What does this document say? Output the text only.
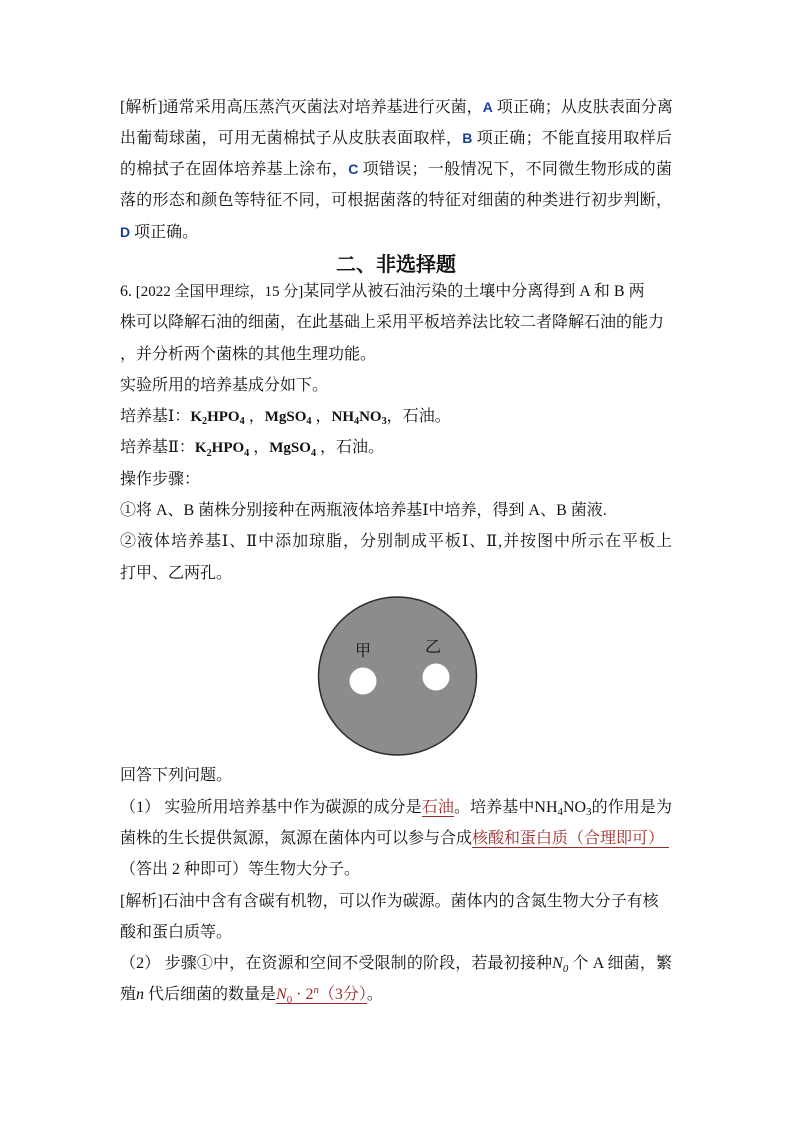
[解析]通常采用高压蒸汽灭菌法对培养基进行灭菌，A 项正确；从皮肤表面分离
出葡萄球菌，可用无菌棉拭子从皮肤表面取样，B 项正确；不能直接用取样后
的棉拭子在固体培养基上涂布，C 项错误；一般情况下，不同微生物形成的菌
落的形态和颜色等特征不同，可根据菌落的特征对细菌的种类进行初步判断，
D 项正确。
二、非选择题
6. [2022 全国甲理综，15 分]某同学从被石油污染的土壤中分离得到 A 和 B 两
株可以降解石油的细菌，在此基础上采用平板培养法比较二者降解石油的能力
，并分析两个菌株的其他生理功能。
实验所用的培养基成分如下。
培养基Ⅰ：$K_2HPO_4$ ，MgSO$_4$ ，$NH_4NO_3$，石油。
培养基Ⅱ：$K_2HPO_4$ ，MgSO$_4$ ，石油。
操作步骤：
①将 A、B 菌株分别接种在两瓶液体培养基Ⅰ中培养，得到 A、B 菌液.
②液体培养基Ⅰ、Ⅱ中添加琼脂，分别制成平板Ⅰ、Ⅱ,并按图中所示在平板上
打甲、乙两孔。
甲	乙
回答下列问题。
（1） 实验所用培养基中作为碳源的成分是石油。培养基中$NH_4NO_3$的作用是为
菌株的生长提供氮源，氮源在菌体内可以参与合成核酸和蛋白质（合理即可）
（答出 2 种即可）等生物大分子。
[解析]石油中含有含碳有机物，可以作为碳源。菌体内的含氮生物大分子有核
酸和蛋白质等。
（2） 步骤①中，在资源和空间不受限制的阶段，若最初接种$N_0$ 个 A 细菌，繁
殖n 代后细菌的数量是$N_0 \cdot 2^n(3$分）。
